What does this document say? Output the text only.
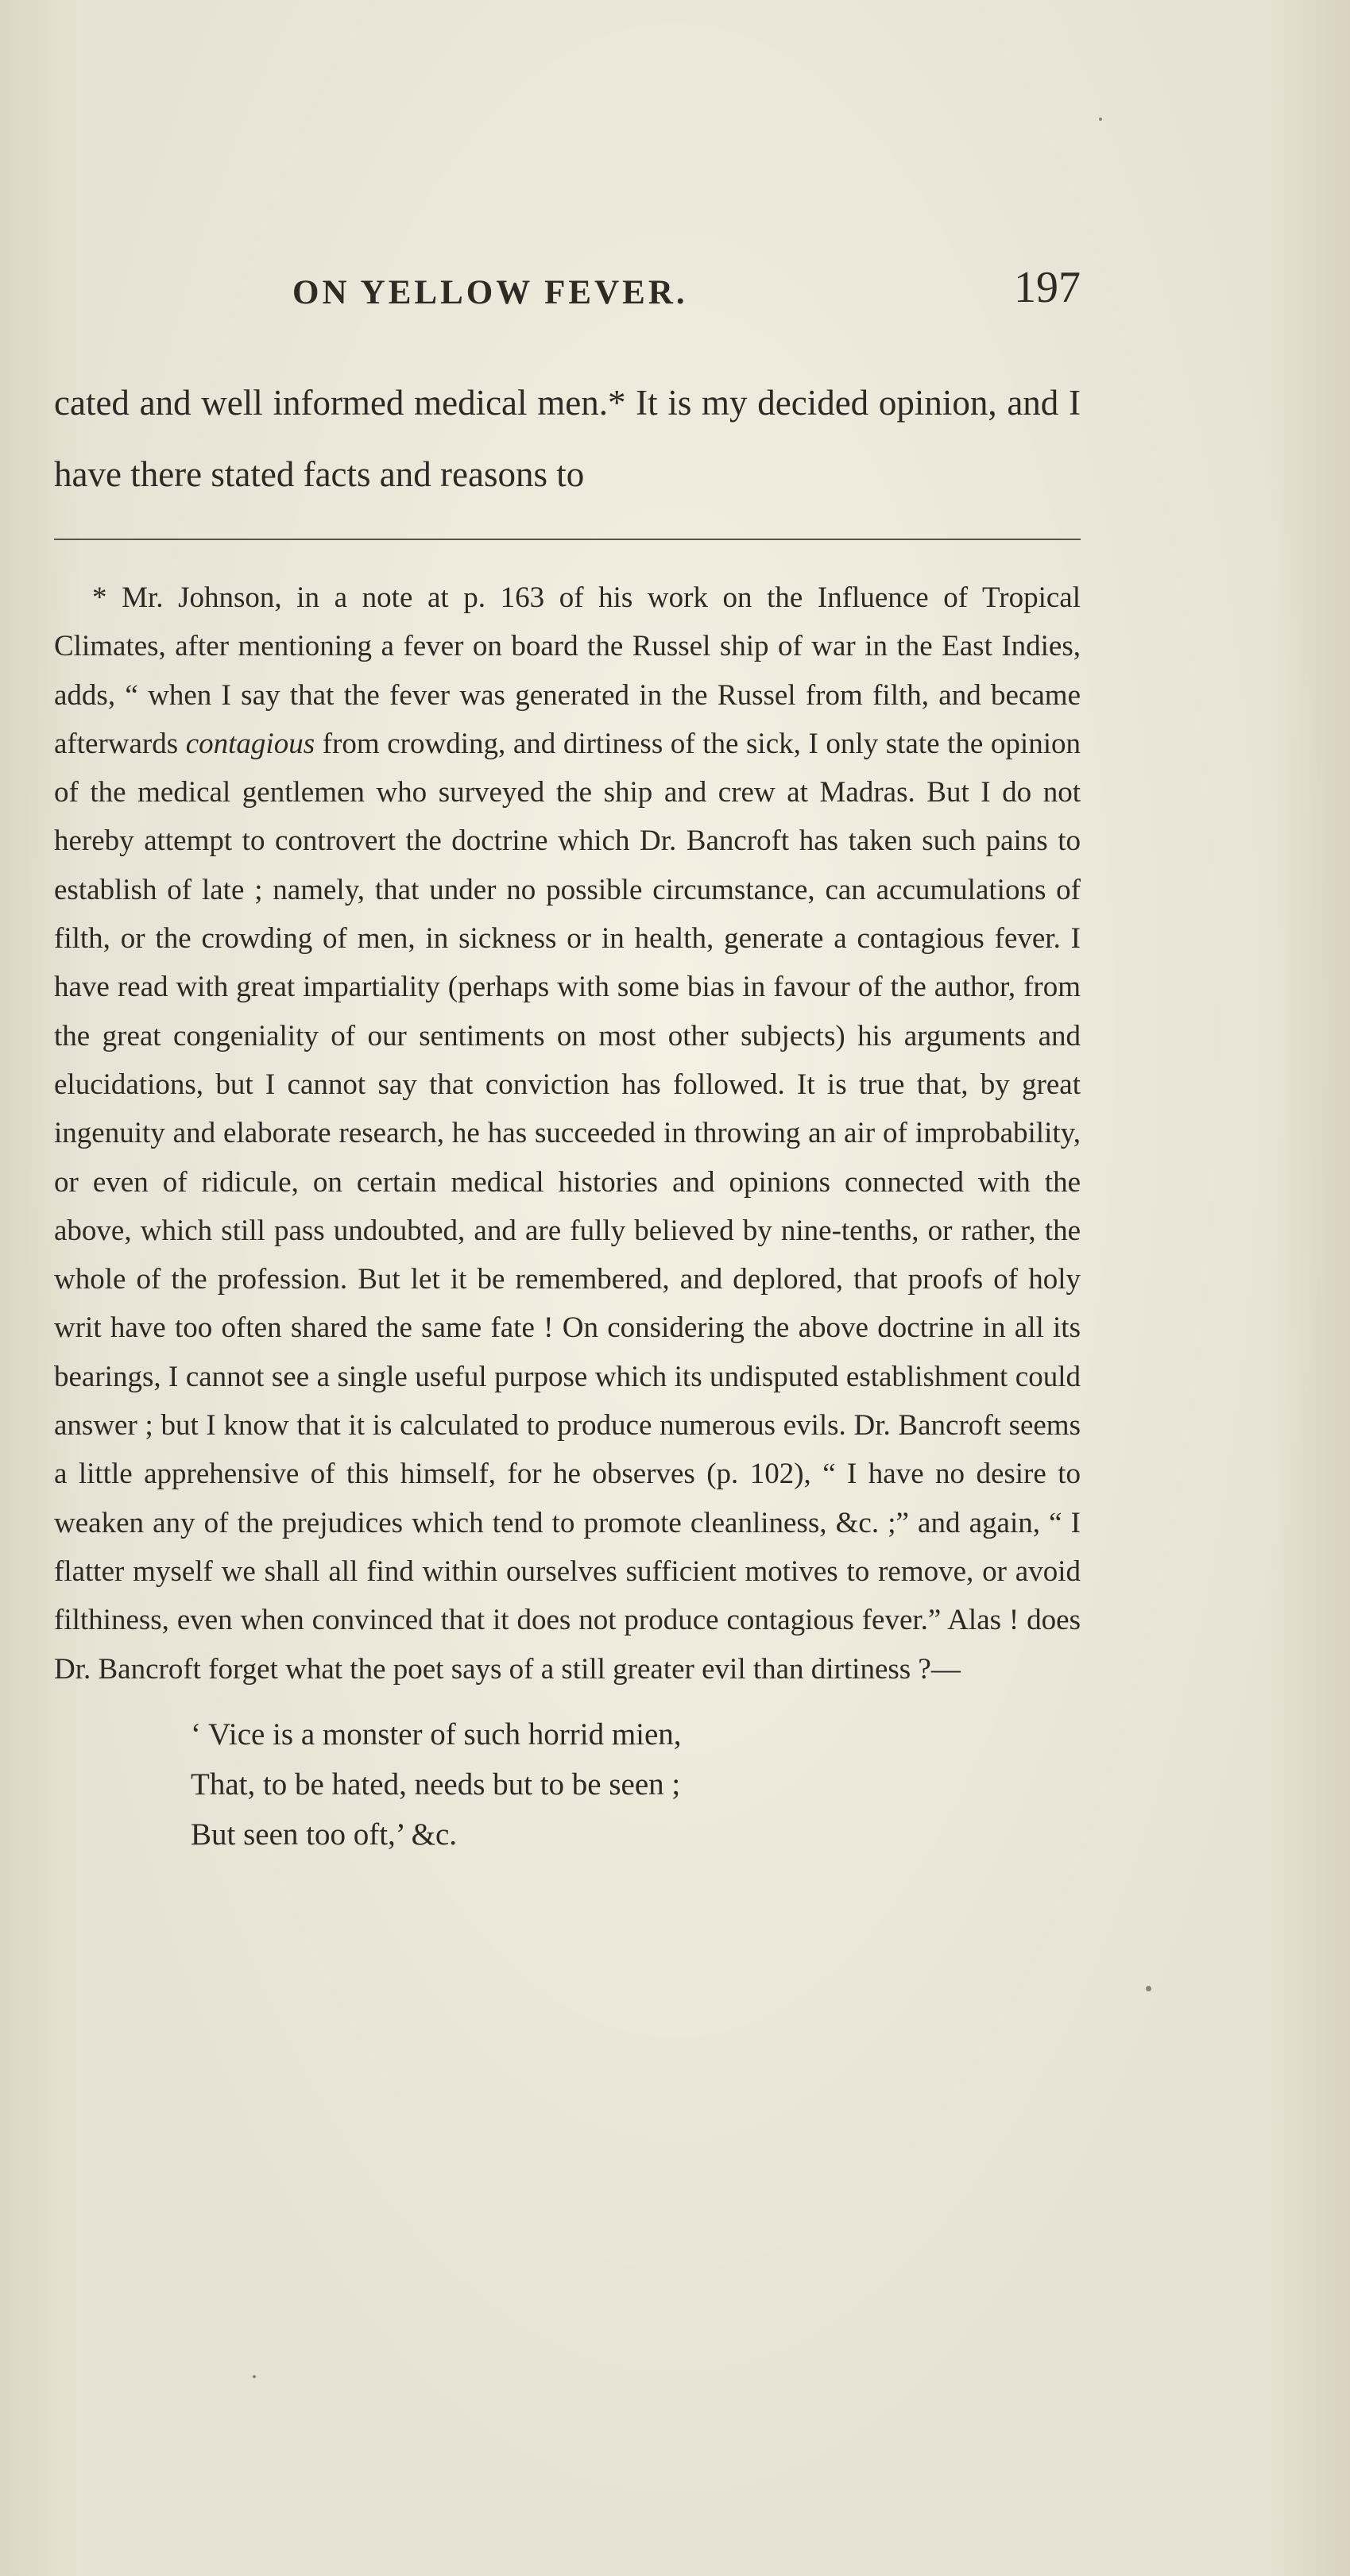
ON YELLOW FEVER.	197
cated and well informed medical men.* It is my decided opinion, and I have there stated facts and reasons to

* Mr. Johnson, in a note at p. 163 of his work on the Influence of Tropical Climates, after mentioning a fever on board the Russel ship of war in the East Indies, adds, “ when I say that the fever was generated in the Russel from filth, and became afterwards contagious from crowding, and dirtiness of the sick, I only state the opinion of the medical gentlemen who surveyed the ship and crew at Madras. But I do not hereby attempt to controvert the doctrine which Dr. Bancroft has taken such pains to establish of late ; namely, that under no possible circumstance, can accumulations of filth, or the crowding of men, in sickness or in health, generate a contagious fever. I have read with great impartiality (perhaps with some bias in favour of the author, from the great congeniality of our sentiments on most other subjects) his arguments and elucidations, but I cannot say that conviction has followed. It is true that, by great ingenuity and elaborate research, he has succeeded in throwing an air of improbability, or even of ridicule, on certain medical histories and opinions connected with the above, which still pass undoubted, and are fully believed by nine-tenths, or rather, the whole of the profession. But let it be remembered, and deplored, that proofs of holy writ have too often shared the same fate ! On considering the above doctrine in all its bearings, I cannot see a single useful purpose which its undisputed establishment could answer ; but I know that it is calculated to produce numerous evils. Dr. Bancroft seems a little apprehensive of this himself, for he observes (p. 102), “ I have no desire to weaken any of the prejudices which tend to promote cleanliness, &c. ;” and again, “ I flatter myself we shall all find within ourselves sufficient motives to remove, or avoid filthiness, even when convinced that it does not produce contagious fever.” Alas ! does Dr. Bancroft forget what the poet says of a still greater evil than dirtiness ?—

‘ Vice is a monster of such horrid mien,
That, to be hated, needs but to be seen ;
But seen too oft,’ &c.
